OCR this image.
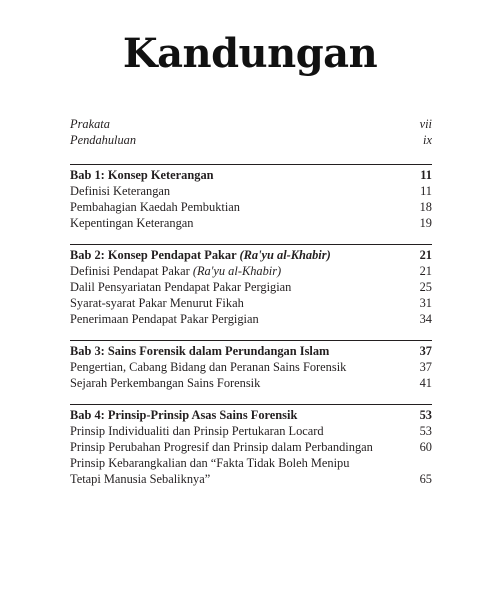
Kandungan
Prakata	vii
Pendahuluan	ix
Bab 1: Konsep Keterangan	11
Definisi Keterangan	11
Pembahagian Kaedah Pembuktian	18
Kepentingan Keterangan	19
Bab 2: Konsep Pendapat Pakar (Ra'yu al-Khabir)	21
Definisi Pendapat Pakar (Ra'yu al-Khabir)	21
Dalil Pensyariatan Pendapat Pakar Pergigian	25
Syarat-syarat Pakar Menurut Fikah	31
Penerimaan Pendapat Pakar Pergigian	34
Bab 3: Sains Forensik dalam Perundangan Islam	37
Pengertian, Cabang Bidang dan Peranan Sains Forensik	37
Sejarah Perkembangan Sains Forensik	41
Bab 4: Prinsip-Prinsip Asas Sains Forensik	53
Prinsip Individualiti dan Prinsip Pertukaran Locard	53
Prinsip Perubahan Progresif dan Prinsip dalam Perbandingan	60
Prinsip Kebarangkalian dan “Fakta Tidak Boleh Menipu
Tetapi Manusia Sebaliknya”	65
